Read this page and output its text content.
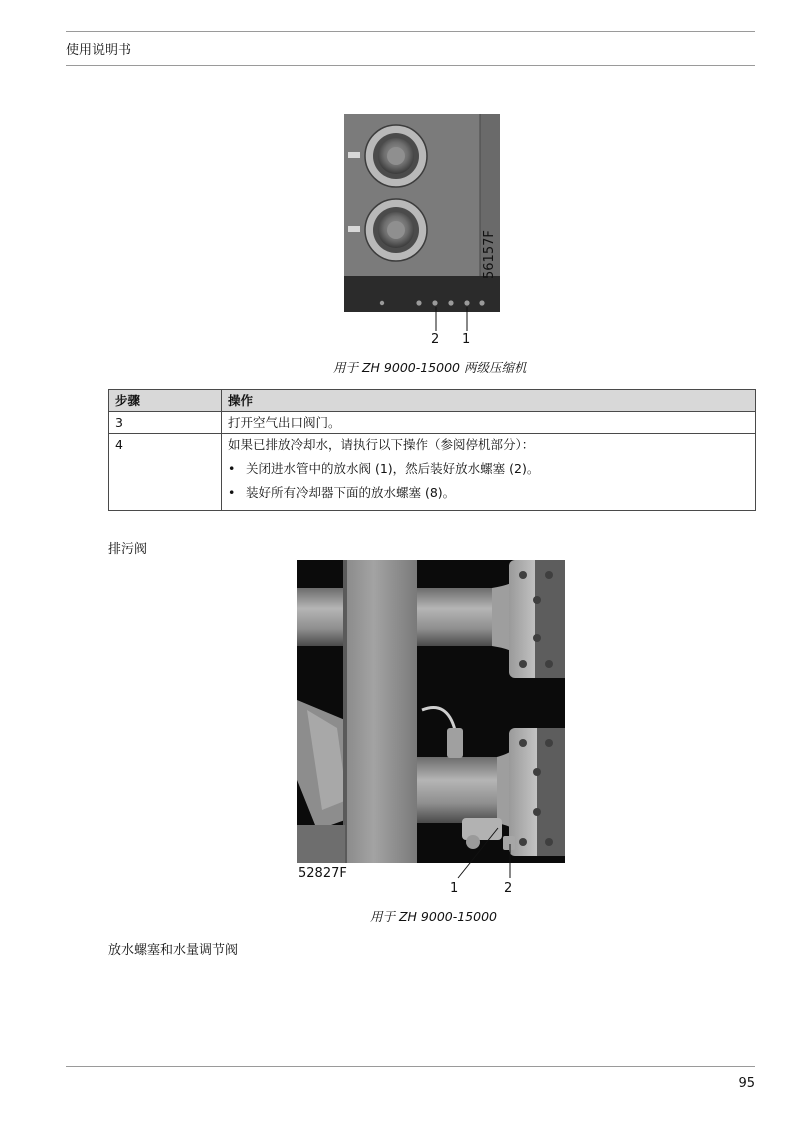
使用说明书
56157F
2 1
用于 ZH 9000-15000 两级压缩机
步骤	操作
3	打开空气出口阀门。
4	如果已排放冷却水，请执行以下操作（参阅停机部分）：
• 关闭进水管中的放水阀 (1)，然后装好放水螺塞 (2)。
• 装好所有冷却器下面的放水螺塞 (8)。
排污阀
52827F
1	2
用于 ZH 9000-15000
放水螺塞和水量调节阀
95
